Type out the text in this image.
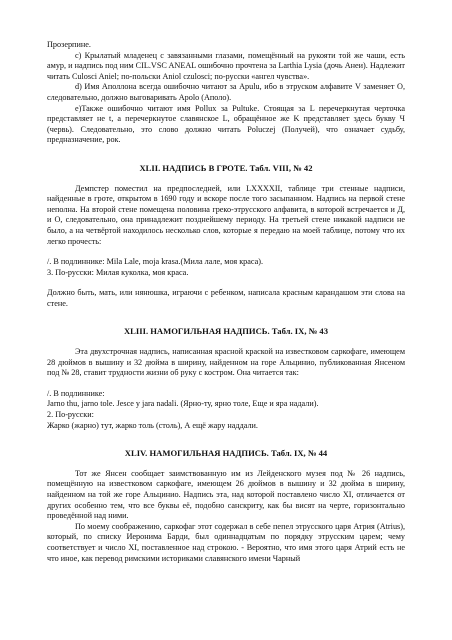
Прозерпине.

c) Крылатый младенец с завязанными глазами, помещённый на рукояти той же чаши, есть амур, и надпись под ним CIL.VSC ANEAL ошибочно прочтена за Larthia Lysia (дочь Анеи). Надлежит читать Culosci Aniel; по-польски Aniol czulosci; по-русски «ангел чувства».

d) Имя Аполлона всегда ошибочно читают за Apulu, ибо в этруском алфавите V заменяет O, следовательно, должно выговаривать Apolo (Аполо).

e)Также ошибочно читают имя Pollux за Pultuke. Стоящая за L перечеркнутая черточка представляет не t, а перечеркнутое славянское L, обращённое же K представляет здесь букву Ч (червь). Следовательно, это слово должно читать Poluczej (Получей), что означает судьбу, предназначение, рок.

XLII. НАДПИСЬ В ГРОТЕ. Табл. VIII, № 42

Демпстер поместил на предпоследней, или LXXXXII, таблице три стенные надписи, найденные в гроте, открытом в 1690 году и вскоре после того засыпанном. Надпись на первой стене неполна. На второй стене помещена половина греко-этрусского алфавита, в которой встречается и Д, и О, следовательно, она принадлежит позднейшему периоду. На третьей стене никакой надписи не было, а на четвёртой находилось несколько слов, которые я передаю на моей таблице, потому что их легко прочесть:

/. В подлиннике: Mila Lale, moja krasa.(Мила лале, моя краса).
3. По-русски: Милая куколка, моя краса.

Должно быть, мать, или нянюшка, играючи с ребенком, написала красным карандашом эти слова на стене.

XLIII. НАМОГИЛЬНАЯ НАДПИСЬ. Табл. IX, № 43

Эта двухстрочная надпись, написанная красной краской на известковом саркофаге, имеющем 28 дюймов в вышину и 32 дюйма в ширину, найденном на горе Альцинио, публикованная Янсеном под № 28, ставит трудности жизни об руку с костром. Она читается так:

/. В подлиннике:
Jarno thu, jarno tole. Jesce y jara nadali. (Ярно-ту, ярно толе, Еще и яра надали).
2. По-русски:
Жарко (жарно) тут, жарко толь (столь), А ещё жару наддали.
XLIV. НАМОГИЛЬНАЯ НАДПИСЬ. Табл. IX, № 44

Тот же Янсен сообщает заимствованную им из Лейденского музея под № 26 надпись, помещённую на известковом саркофаге, имеющем 26 дюймов в вышину и 32 дюйма в ширину, найденном на той же горе Альцинио. Надпись эта, над которой поставлено число XI, отличается от других особенно тем, что все буквы её, подобно санскриту, как бы висят на черте, горизонтально проведённой над ними.

По моему соображению, саркофаг этот содержал в себе пепел этрусского царя Атрия (Atrius), который, по списку Иеронима Барди, был одиннадцатым по порядку этрусским царем; чему соответствует и число XI, поставленное над строкою. - Вероятно, что имя этого царя Атрий есть не что иное, как перевод римскими историками славянского имени Чарный
